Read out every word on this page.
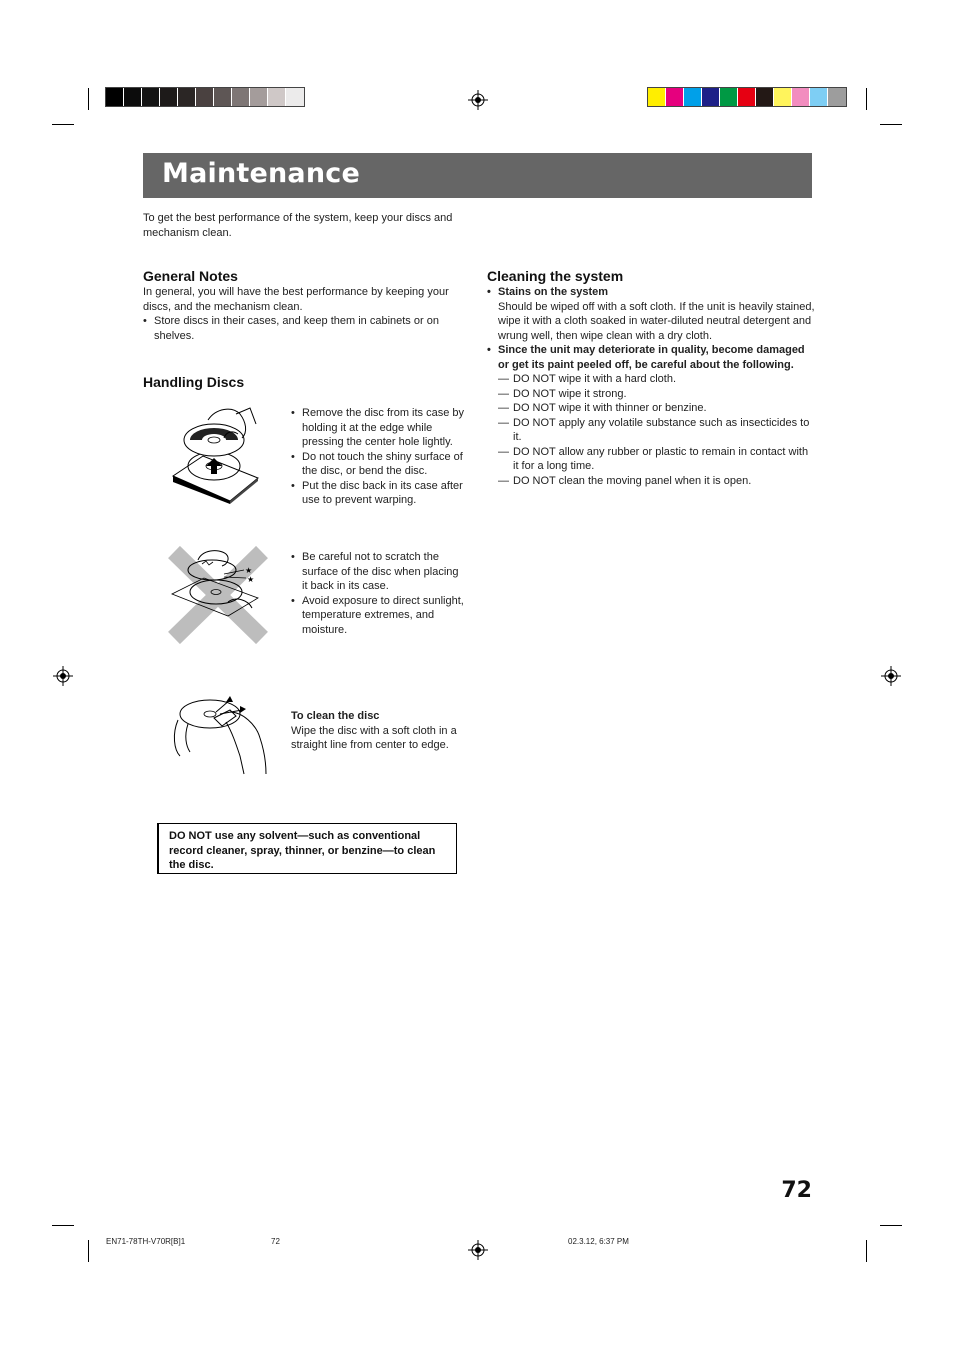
Maintenance
To get the best performance of the system, keep your discs and mechanism clean.
General Notes
In general, you will have the best performance by keeping your discs, and the mechanism clean.
• Store discs in their cases, and keep them in cabinets or on shelves.
Handling Discs
• Remove the disc from its case by holding it at the edge while pressing the center hole lightly.
• Do not touch the shiny surface of the disc, or bend the disc.
• Put the disc back in its case after use to prevent warping.
★
★
• Be careful not to scratch the surface of the disc when placing it back in its case.
• Avoid exposure to direct sunlight, temperature extremes, and moisture.
To clean the disc
Wipe the disc with a soft cloth in a straight line from center to edge.
DO NOT use any solvent—such as conventional record cleaner, spray, thinner, or benzine—to clean the disc.
Cleaning the system
• Stains on the system
Should be wiped off with a soft cloth. If the unit is heavily stained, wipe it with a cloth soaked in water-diluted neutral detergent and wrung well, then wipe clean with a dry cloth.
• Since the unit may deteriorate in quality, become damaged or get its paint peeled off, be careful about the following.
— DO NOT wipe it with a hard cloth.
— DO NOT wipe it strong.
— DO NOT wipe it with thinner or benzine.
— DO NOT apply any volatile substance such as insecticides to it.
— DO NOT allow any rubber or plastic to remain in contact with it for a long time.
— DO NOT clean the moving panel when it is open.
72
EN71-78TH-V70R[B]1	72	02.3.12, 6:37 PM
